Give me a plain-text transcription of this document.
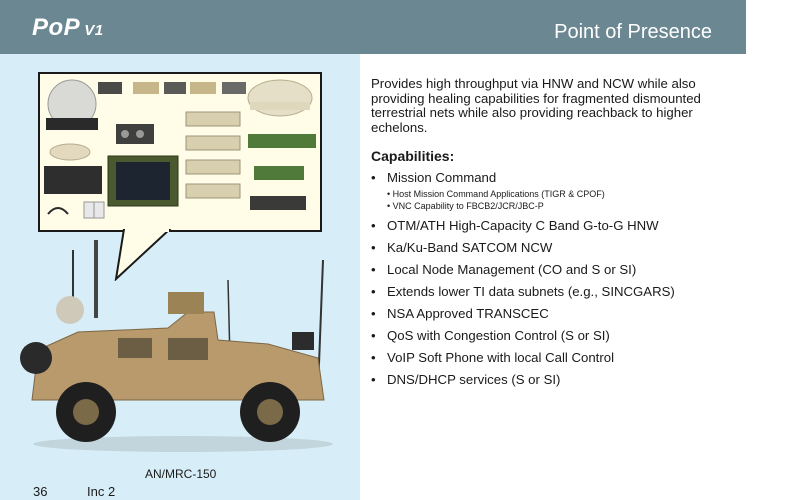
PoP V1	Point of Presence
AN/MRC-150
36	Inc 2
Provides high throughput via HNW and NCW while also providing healing capabilities for fragmented dismounted terrestrial nets while also providing reachback to higher echelons.
Capabilities:
• Mission Command
• Host Mission Command Applications (TIGR & CPOF)
• VNC Capability to FBCB2/JCR/JBC-P
• OTM/ATH High-Capacity C Band G-to-G HNW
• Ka/Ku-Band SATCOM NCW
• Local Node Management (CO and S or SI)
• Extends lower TI data subnets (e.g., SINCGARS)
• NSA Approved TRANSCEC
• QoS with Congestion Control (S or SI)
• VoIP Soft Phone with local Call Control
• DNS/DHCP services (S or SI)
